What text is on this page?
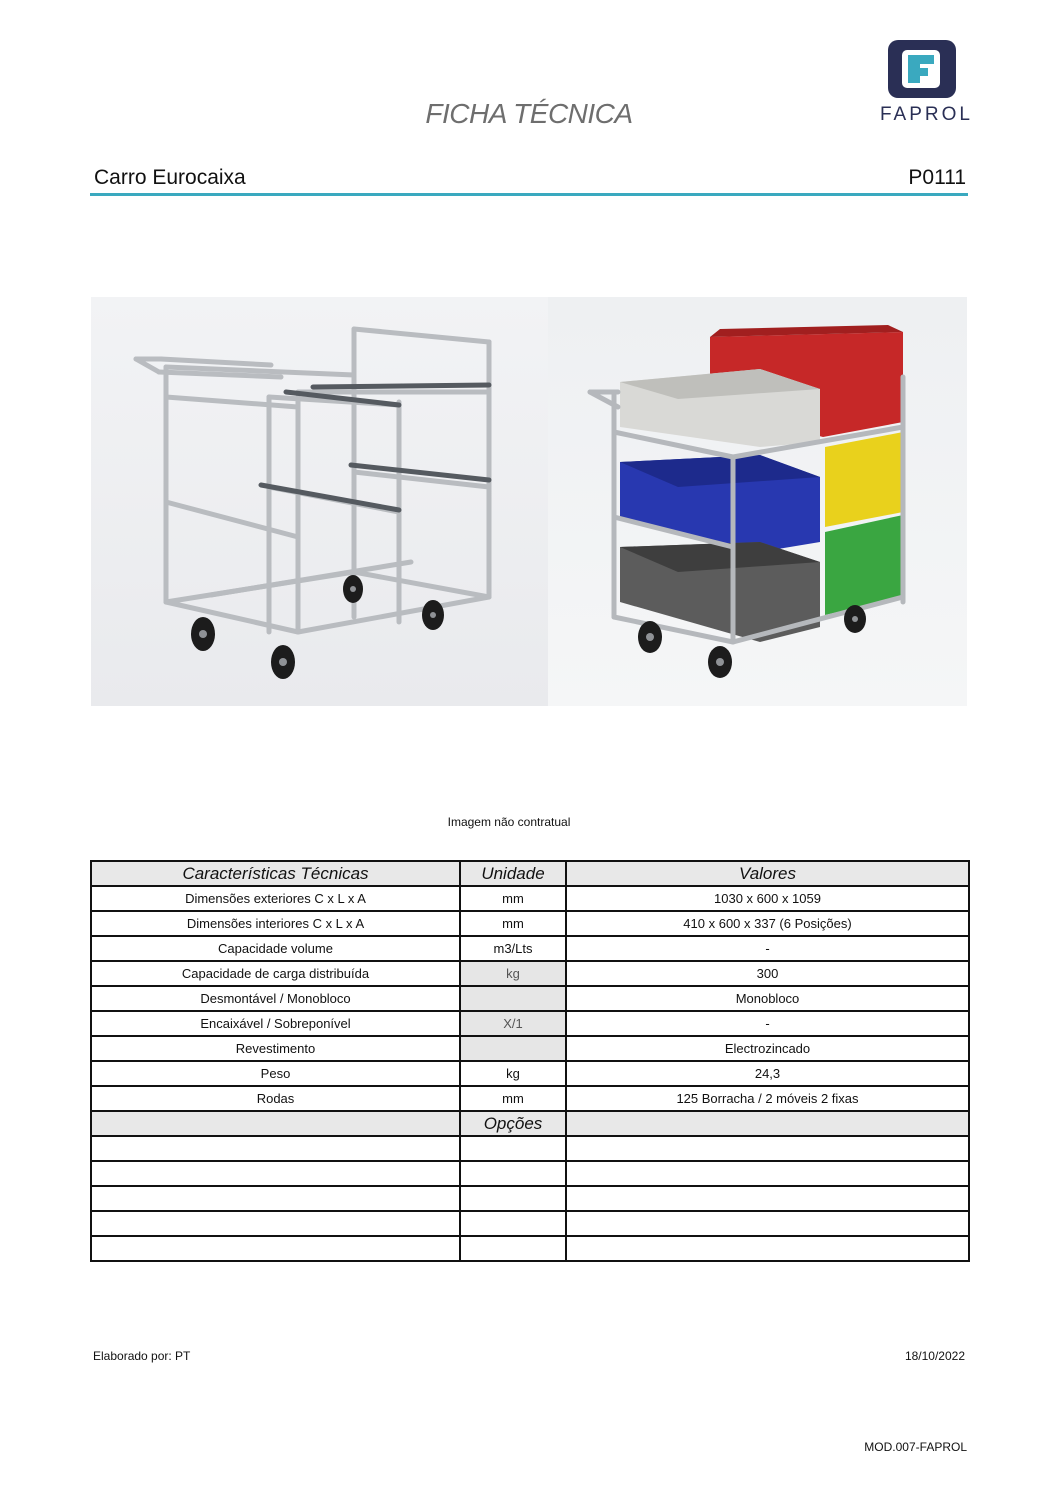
FICHA TÉCNICA	FAPROL
Carro Eurocaixa	P0111
Imagem não contratual
Características Técnicas	Unidade	Valores
Dimensões exteriores C x L x A	mm	1030 x 600 x 1059
Dimensões interiores C x L x A	mm	410 x 600 x 337 (6 Posições)
Capacidade volume	m3/Lts	-
Capacidade de carga distribuída	kg	300
Desmontável / Monobloco		Monobloco
Encaixável / Sobreponível	X/1	-
Revestimento		Electrozincado
Peso	kg	24,3
Rodas	mm	125 Borracha / 2 móveis 2 fixas
	Opções	

Elaborado por: PT	18/10/2022
MOD.007-FAPROL
